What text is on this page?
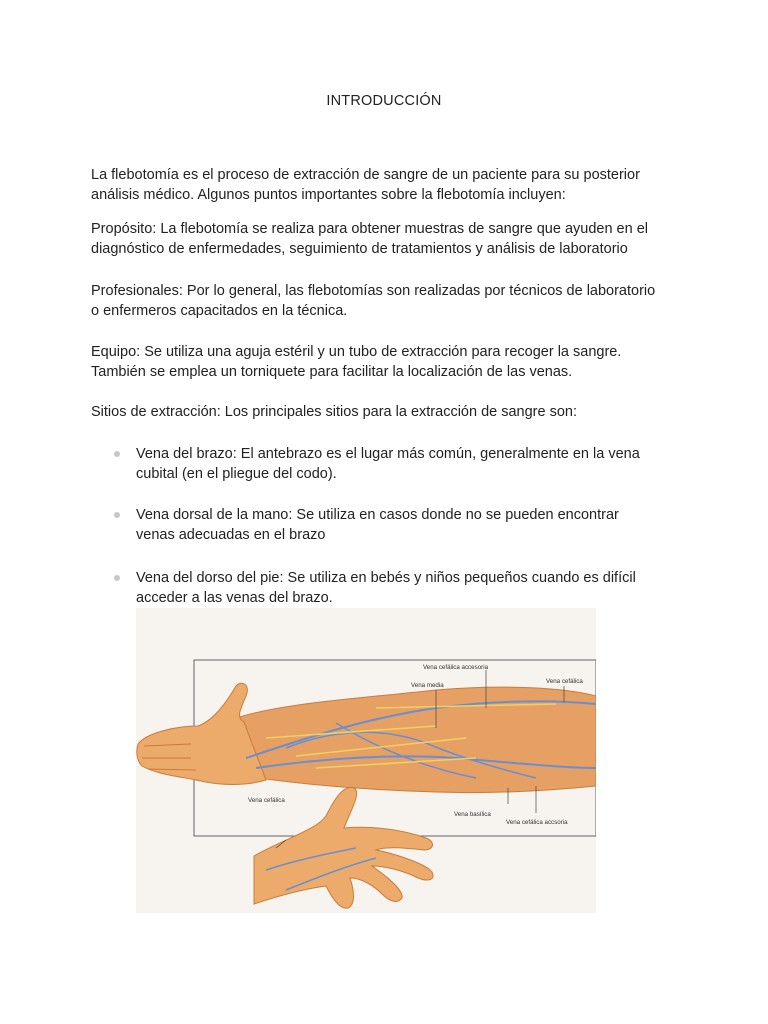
INTRODUCCIÓN
La flebotomía es el proceso de extracción de sangre de un paciente para su posterior
análisis médico. Algunos puntos importantes sobre la flebotomía incluyen:
Propósito: La flebotomía se realiza para obtener muestras de sangre que ayuden en el
diagnóstico de enfermedades, seguimiento de tratamientos y análisis de laboratorio
Profesionales: Por lo general, las flebotomías son realizadas por técnicos de laboratorio
o enfermeros capacitados en la técnica.
Equipo: Se utiliza una aguja estéril y un tubo de extracción para recoger la sangre.
También se emplea un torniquete para facilitar la localización de las venas.
Sitios de extracción: Los principales sitios para la extracción de sangre son:
Vena del brazo: El antebrazo es el lugar más común, generalmente en la vena
cubital (en el pliegue del codo).
Vena dorsal de la mano: Se utiliza en casos donde no se pueden encontrar
venas adecuadas en el brazo
Vena del dorso del pie: Se utiliza en bebés y niños pequeños cuando es difícil
acceder a las venas del brazo.
Vena cefálica accesoria
Vena media
Vena cefálica
Vena cefálica
Vena basílica
Vena cefálica accsoria
